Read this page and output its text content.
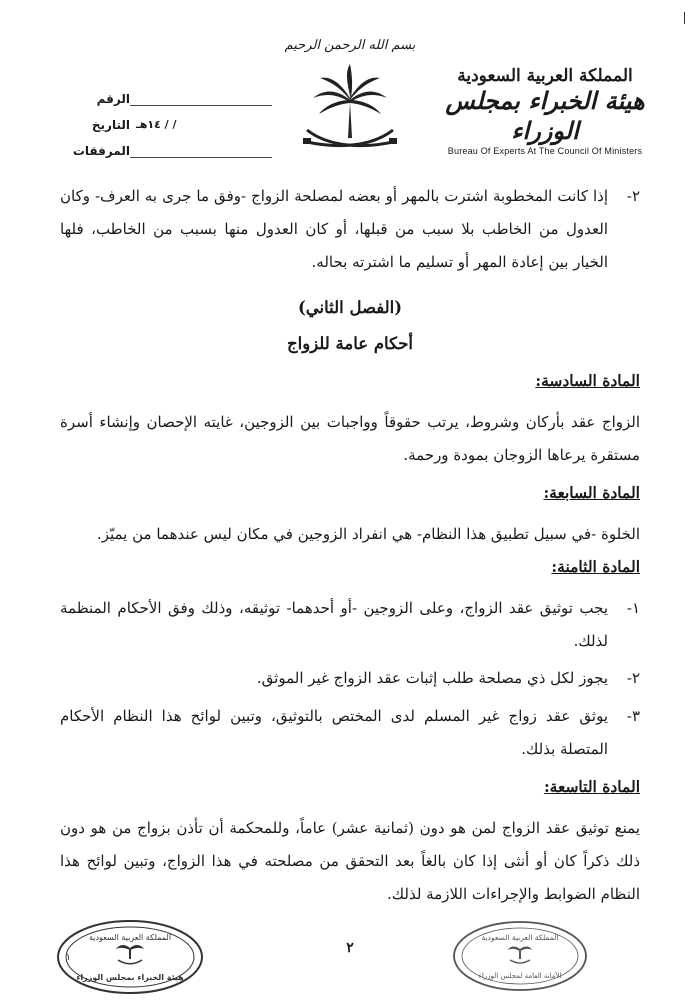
بسم الله الرحمن الرحيم
المملكة العربية السعودية
هيئة الخبراء بمجلس الوزراء
Bureau Of Experts At The Council Of Ministers
الرقم
/ / ١٤هـ
التاريخ
المرفقات
٢-
إذا كانت المخطوبة اشترت بالمهر أو بعضه لمصلحة الزواج -وفق ما جرى به العرف- وكان العدول من الخاطب بلا سبب من قبلها، أو كان العدول منها بسبب من الخاطب، فلها الخيار بين إعادة المهر أو تسليم ما اشترته بحاله.
(الفصل الثاني)
أحكام عامة للزواج
المادة السادسة:
الزواج عقد بأركان وشروط، يرتب حقوقاً وواجبات بين الزوجين، غايته الإحصان وإنشاء أسرة مستقرة يرعاها الزوجان بمودة ورحمة.
المادة السابعة:
الخلوة -في سبيل تطبيق هذا النظام- هي انفراد الزوجين في مكان ليس عندهما من يميّز.
المادة الثامنة:
١-
يجب توثيق عقد الزواج، وعلى الزوجين -أو أحدهما- توثيقه، وذلك وفق الأحكام المنظمة لذلك.
٢-
يجوز لكل ذي مصلحة طلب إثبات عقد الزواج غير الموثق.
٣-
يوثق عقد زواج غير المسلم لدى المختص بالتوثيق، وتبين لوائح هذا النظام الأحكام المتصلة بذلك.
المادة التاسعة:
يمنع توثيق عقد الزواج لمن هو دون (ثمانية عشر) عاماً، وللمحكمة أن تأذن بزواج من هو دون ذلك ذكراً كان أو أنثى إذا كان بالغاً بعد التحقق من مصلحته في هذا الزواج، وتبين لوائح هذا النظام الضوابط والإجراءات اللازمة لذلك.
٢
المملكة العربية السعودية
هيئة الخبراء بمجلس الوزراء
١
المملكة العربية السعودية
الأمانة العامة لمجلس الوزراء
